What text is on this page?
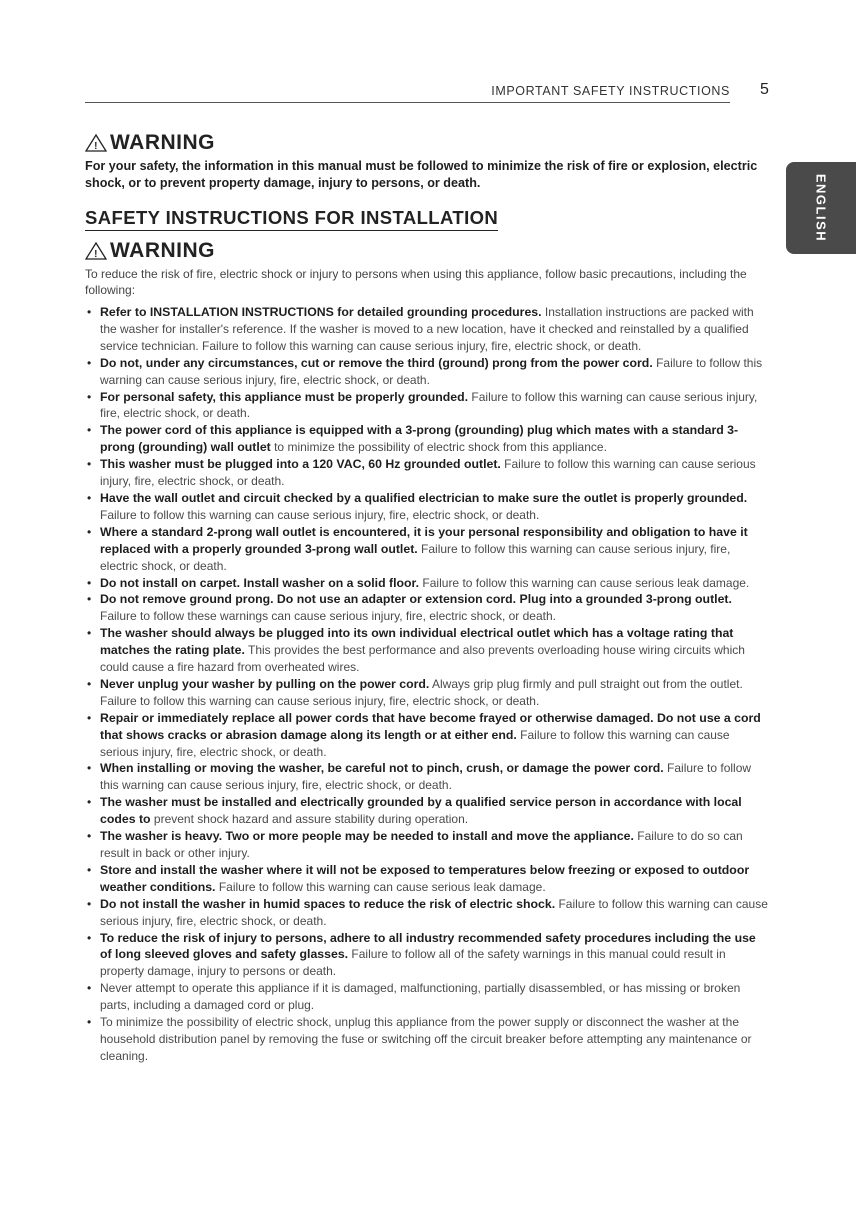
IMPORTANT SAFETY INSTRUCTIONS 5
ENGLISH
! WARNING

For your safety, the information in this manual must be followed to minimize the risk of fire or explosion, electric shock, or to prevent property damage, injury to persons, or death.

SAFETY INSTRUCTIONS FOR INSTALLATION
! WARNING

To reduce the risk of fire, electric shock or injury to persons when using this appliance, follow basic precautions, including the following:

• Refer to INSTALLATION INSTRUCTIONS for detailed grounding procedures. Installation instructions are packed with the washer for installer's reference. If the washer is moved to a new location, have it checked and reinstalled by a qualified service technician. Failure to follow this warning can cause serious injury, fire, electric shock, or death.
• Do not, under any circumstances, cut or remove the third (ground) prong from the power cord. Failure to follow this warning can cause serious injury, fire, electric shock, or death.
• For personal safety, this appliance must be properly grounded. Failure to follow this warning can cause serious injury, fire, electric shock, or death.
• The power cord of this appliance is equipped with a 3-prong (grounding) plug which mates with a standard 3-prong (grounding) wall outlet to minimize the possibility of electric shock from this appliance.
• This washer must be plugged into a 120 VAC, 60 Hz grounded outlet. Failure to follow this warning can cause serious injury, fire, electric shock, or death.
• Have the wall outlet and circuit checked by a qualified electrician to make sure the outlet is properly grounded. Failure to follow this warning can cause serious injury, fire, electric shock, or death.
• Where a standard 2-prong wall outlet is encountered, it is your personal responsibility and obligation to have it replaced with a properly grounded 3-prong wall outlet. Failure to follow this warning can cause serious injury, fire, electric shock, or death.
• Do not install on carpet. Install washer on a solid floor. Failure to follow this warning can cause serious leak damage.
• Do not remove ground prong. Do not use an adapter or extension cord. Plug into a grounded 3-prong outlet. Failure to follow these warnings can cause serious injury, fire, electric shock, or death.
• The washer should always be plugged into its own individual electrical outlet which has a voltage rating that matches the rating plate. This provides the best performance and also prevents overloading house wiring circuits which could cause a fire hazard from overheated wires.
• Never unplug your washer by pulling on the power cord. Always grip plug firmly and pull straight out from the outlet. Failure to follow this warning can cause serious injury, fire, electric shock, or death.
• Repair or immediately replace all power cords that have become frayed or otherwise damaged. Do not use a cord that shows cracks or abrasion damage along its length or at either end. Failure to follow this warning can cause serious injury, fire, electric shock, or death.
• When installing or moving the washer, be careful not to pinch, crush, or damage the power cord. Failure to follow this warning can cause serious injury, fire, electric shock, or death.
• The washer must be installed and electrically grounded by a qualified service person in accordance with local codes to prevent shock hazard and assure stability during operation.
• The washer is heavy. Two or more people may be needed to install and move the appliance. Failure to do so can result in back or other injury.
• Store and install the washer where it will not be exposed to temperatures below freezing or exposed to outdoor weather conditions. Failure to follow this warning can cause serious leak damage.
• Do not install the washer in humid spaces to reduce the risk of electric shock. Failure to follow this warning can cause serious injury, fire, electric shock, or death.
• To reduce the risk of injury to persons, adhere to all industry recommended safety procedures including the use of long sleeved gloves and safety glasses. Failure to follow all of the safety warnings in this manual could result in property damage, injury to persons or death.
• Never attempt to operate this appliance if it is damaged, malfunctioning, partially disassembled, or has missing or broken parts, including a damaged cord or plug.
• To minimize the possibility of electric shock, unplug this appliance from the power supply or disconnect the washer at the household distribution panel by removing the fuse or switching off the circuit breaker before attempting any maintenance or cleaning.
